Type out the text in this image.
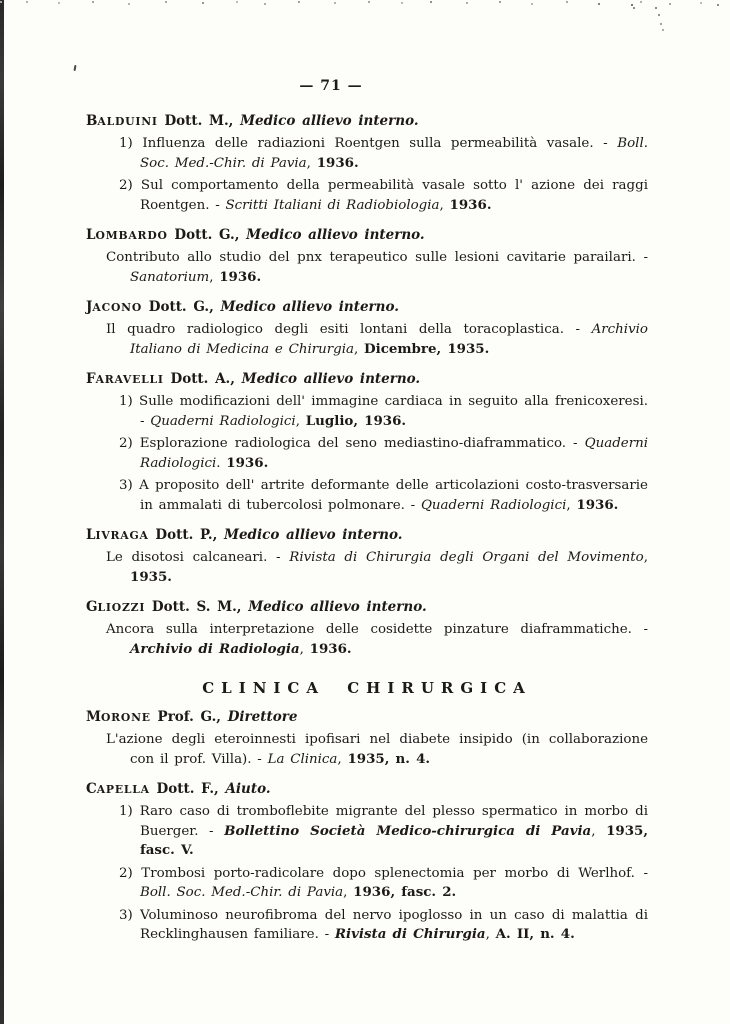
— 71 —
BALDUINI Dott. M., Medico allievo interno.

1) Influenza delle radiazioni Roentgen sulla permeabilità vasale. - Boll. Soc. Med.-Chir. di Pavia, 1936.

2) Sul comportamento della permeabilità vasale sotto l' azione dei raggi Roentgen. - Scritti Italiani di Radiobiologia, 1936.

LOMBARDO Dott. G., Medico allievo interno.

Contributo allo studio del pnx terapeutico sulle lesioni cavitarie parailari. - Sanatorium, 1936.

JACONO Dott. G., Medico allievo interno.

Il quadro radiologico degli esiti lontani della toracoplastica. - Archivio Italiano di Medicina e Chirurgia, Dicembre, 1935.

FARAVELLI Dott. A., Medico allievo interno.

1) Sulle modificazioni dell' immagine cardiaca in seguito alla frenicoxeresi. - Quaderni Radiologici, Luglio, 1936.

2) Esplorazione radiologica del seno mediastino-diaframmatico. - Quaderni Radiologici. 1936.

3) A proposito dell' artrite deformante delle articolazioni costo-trasversarie in ammalati di tubercolosi polmonare. - Quaderni Radiologici, 1936.

LIVRAGA Dott. P., Medico allievo interno.

Le disotosi calcaneari. - Rivista di Chirurgia degli Organi del Movimento, 1935.

GLIOZZI Dott. S. M., Medico allievo interno.

Ancora sulla interpretazione delle cosidette pinzature diaframmatiche. - Archivio di Radiologia, 1936.

CLINICA CHIRURGICA
MORONE Prof. G., Direttore

L'azione degli eteroinnesti ipofisari nel diabete insipido (in collaborazione con il prof. Villa). - La Clinica, 1935, n. 4.

CAPELLA Dott. F., Aiuto.

1) Raro caso di tromboflebite migrante del plesso spermatico in morbo di Buerger. - Bollettino Società Medico-chirurgica di Pavia, 1935, fasc. V.

2) Trombosi porto-radicolare dopo splenectomia per morbo di Werlhof. - Boll. Soc. Med.-Chir. di Pavia, 1936, fasc. 2.

3) Voluminoso neurofibroma del nervo ipoglosso in un caso di malattia di Recklinghausen familiare. - Rivista di Chirurgia, A. II, n. 4.
